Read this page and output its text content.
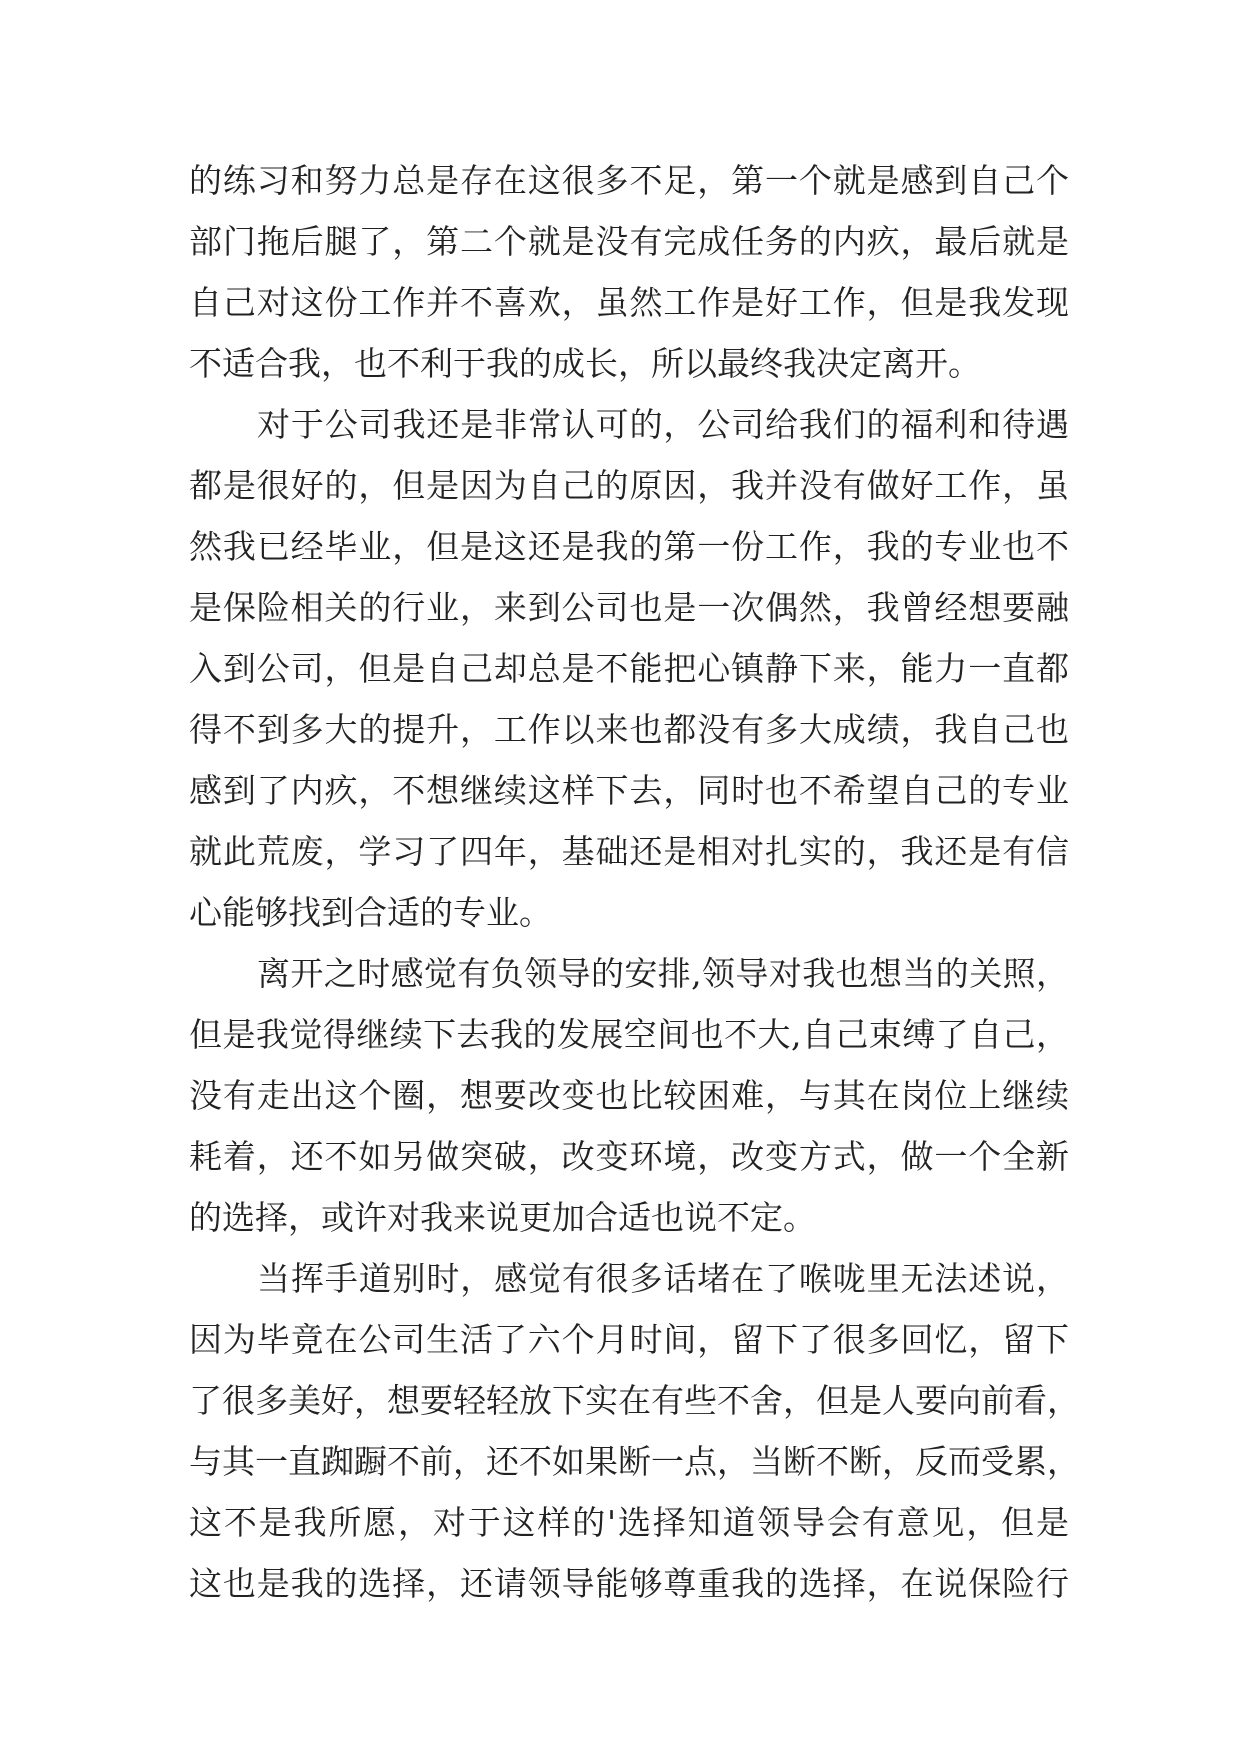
的练习和努力总是存在这很多不足，第一个就是感到自己个
部门拖后腿了，第二个就是没有完成任务的内疚，最后就是
自己对这份工作并不喜欢，虽然工作是好工作，但是我发现
不适合我，也不利于我的成长，所以最终我决定离开。
对于公司我还是非常认可的，公司给我们的福利和待遇
都是很好的，但是因为自己的原因，我并没有做好工作，虽
然我已经毕业，但是这还是我的第一份工作，我的专业也不
是保险相关的行业，来到公司也是一次偶然，我曾经想要融
入到公司，但是自己却总是不能把心镇静下来，能力一直都
得不到多大的提升，工作以来也都没有多大成绩，我自己也
感到了内疚，不想继续这样下去，同时也不希望自己的专业
就此荒废，学习了四年，基础还是相对扎实的，我还是有信
心能够找到合适的专业。
离开之时感觉有负领导的安排,领导对我也想当的关照，
但是我觉得继续下去我的发展空间也不大,自己束缚了自己，
没有走出这个圈，想要改变也比较困难，与其在岗位上继续
耗着，还不如另做突破，改变环境，改变方式，做一个全新
的选择，或许对我来说更加合适也说不定。
当挥手道别时，感觉有很多话堵在了喉咙里无法述说，
因为毕竟在公司生活了六个月时间，留下了很多回忆，留下
了很多美好，想要轻轻放下实在有些不舍，但是人要向前看，
与其一直踟蹰不前，还不如果断一点，当断不断，反而受累，
这不是我所愿，对于这样的'选择知道领导会有意见，但是
这也是我的选择，还请领导能够尊重我的选择，在说保险行
